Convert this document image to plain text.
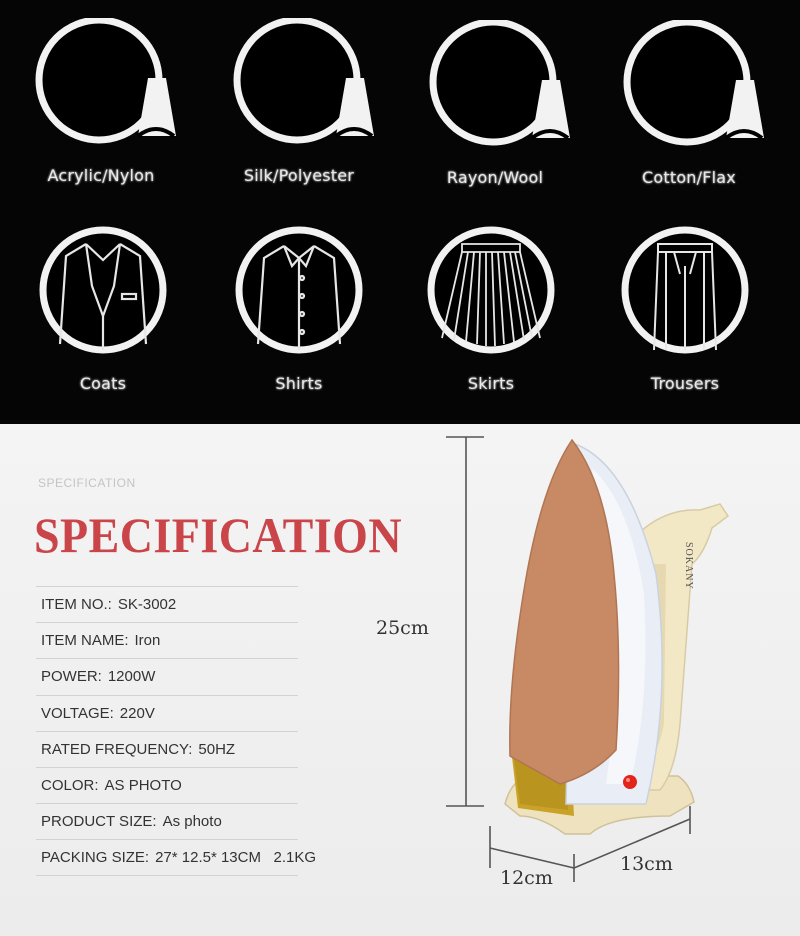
Acrylic/Nylon	Silk/Polyester	Rayon/Wool	Cotton/Flax
Coats	Shirts	Skirts	Trousers
SPECIFICATION
SPECIFICATION
ITEM NO.: SK-3002
ITEM NAME: Iron
POWER: 1200W
VOLTAGE: 220V
RATED FREQUENCY: 50HZ
COLOR: AS PHOTO
PRODUCT SIZE: As photo
PACKING SIZE: 27* 12.5* 13CM   2.1KG
SOKANY
25cm
12cm
13cm
